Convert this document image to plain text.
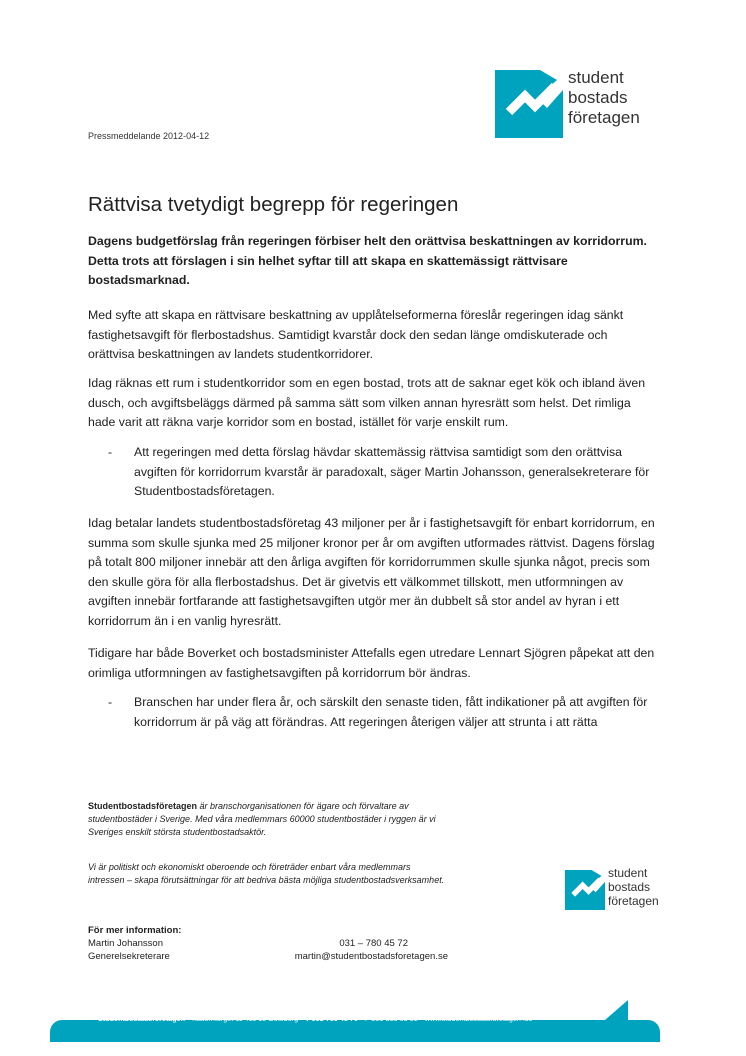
student
bostads
företagen
Pressmeddelande 2012-04-12
Rättvisa tvetydigt begrepp för regeringen

Dagens budgetförslag från regeringen förbiser helt den orättvisa beskattningen av korridorrum. Detta trots att förslagen i sin helhet syftar till att skapa en skattemässigt rättvisare bostadsmarknad.

Med syfte att skapa en rättvisare beskattning av upplåtelseformerna föreslår regeringen idag sänkt fastighetsavgift för flerbostadshus. Samtidigt kvarstår dock den sedan länge omdiskuterade och orättvisa beskattningen av landets studentkorridorer.

Idag räknas ett rum i studentkorridor som en egen bostad, trots att de saknar eget kök och ibland även dusch, och avgiftsbeläggs därmed på samma sätt som vilken annan hyresrätt som helst. Det rimliga hade varit att räkna varje korridor som en bostad, istället för varje enskilt rum.

- Att regeringen med detta förslag hävdar skattemässig rättvisa samtidigt som den orättvisa avgiften för korridorrum kvarstår är paradoxalt, säger Martin Johansson, generalsekreterare för Studentbostadsföretagen.

Idag betalar landets studentbostadsföretag 43 miljoner per år i fastighetsavgift för enbart korridorrum, en summa som skulle sjunka med 25 miljoner kronor per år om avgiften utformades rättvist. Dagens förslag på totalt 800 miljoner innebär att den årliga avgiften för korridorrummen skulle sjunka något, precis som den skulle göra för alla flerbostadshus. Det är givetvis ett välkommet tillskott, men utformningen av avgiften innebär fortfarande att fastighetsavgiften utgör mer än dubbelt så stor andel av hyran i ett korridorrum än i en vanlig hyresrätt.

Tidigare har både Boverket och bostadsminister Attefalls egen utredare Lennart Sjögren påpekat att den orimliga utformningen av fastighetsavgiften på korridorrum bör ändras.

- Branschen har under flera år, och särskilt den senaste tiden, fått indikationer på att avgiften för korridorrum är på väg att förändras. Att regeringen återigen väljer att strunta i att rätta

Studentbostadsföretagen är branschorganisationen för ägare och förvaltare av studentbostäder i Sverige. Med våra medlemmars 60000 studentbostäder i ryggen är vi Sveriges enskilt största studentbostadsaktör.

Vi är politiskt och ekonomiskt oberoende och företräder enbart våra medlemmars intressen – skapa förutsättningar för att bedriva bästa möjliga studentbostadsverksamhet.

student
bostads
företagen
För mer information:
Martin Johansson	031 – 780 45 72
Generelsekreterare	martin@studentbostadsforetagen.se
Studentbostadsföretagen Kaserntorget 11 411 18 Göteborg T 031-780 45 70 F 031-333 63 51 www.studentbostadsforetagen .se
